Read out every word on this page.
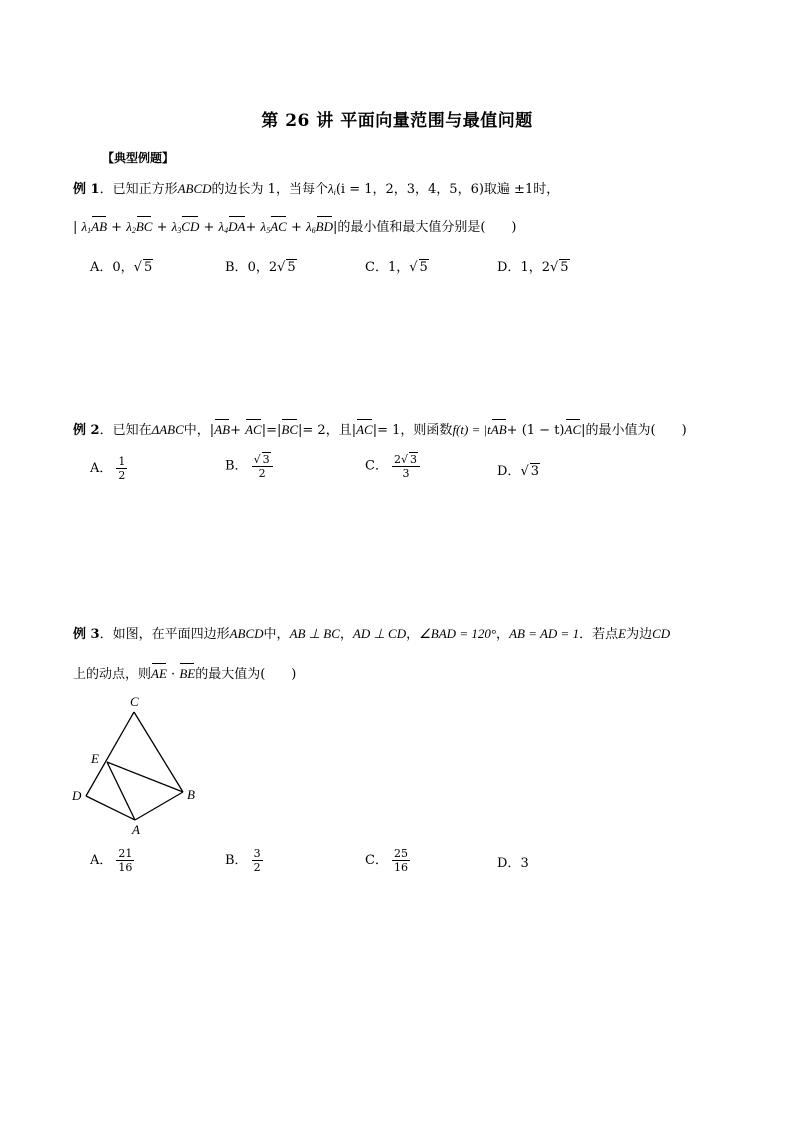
第 26 讲 平面向量范围与最值问题
【典型例题】
例 1．已知正方形ABCD的边长为 1，当每个$\lambda_i(i = 1$，2，3，4，5，6)取遍 ±1时，
| $\lambda_1AB + \lambda_2BC + \lambda_3CD + \lambda_4DA+ \lambda_5AC + \lambda_6BD|$的最小值和最大值分别是(　　)
A．0，√ 5	B．0，2√ 5	C．1，√ 5	D．1，2√ 5
例 2．已知在ΔABC中，|AB+ AC|=|BC|= 2，且|AC|= 1，则函数f(t) = |tAB+ (1 − t)AC|的最小值为(　　)
A． $\frac{1}{2}$	B． $\frac{√ 3}{2}$	C． $\frac{2√ 3}{3}$	D．√ 3
例 3．如图，在平面四边形ABCD中，AB ⊥ BC，AD ⊥ CD，∠BAD = 120°，AB = AD = 1．若点E为边CD
上的动点，则AE · BE的最大值为(　　)
C
E
D	B
A
A． $\frac{21}{16}$	B． $\frac{3}{2}$	C． $\frac{25}{16}$	D．3
